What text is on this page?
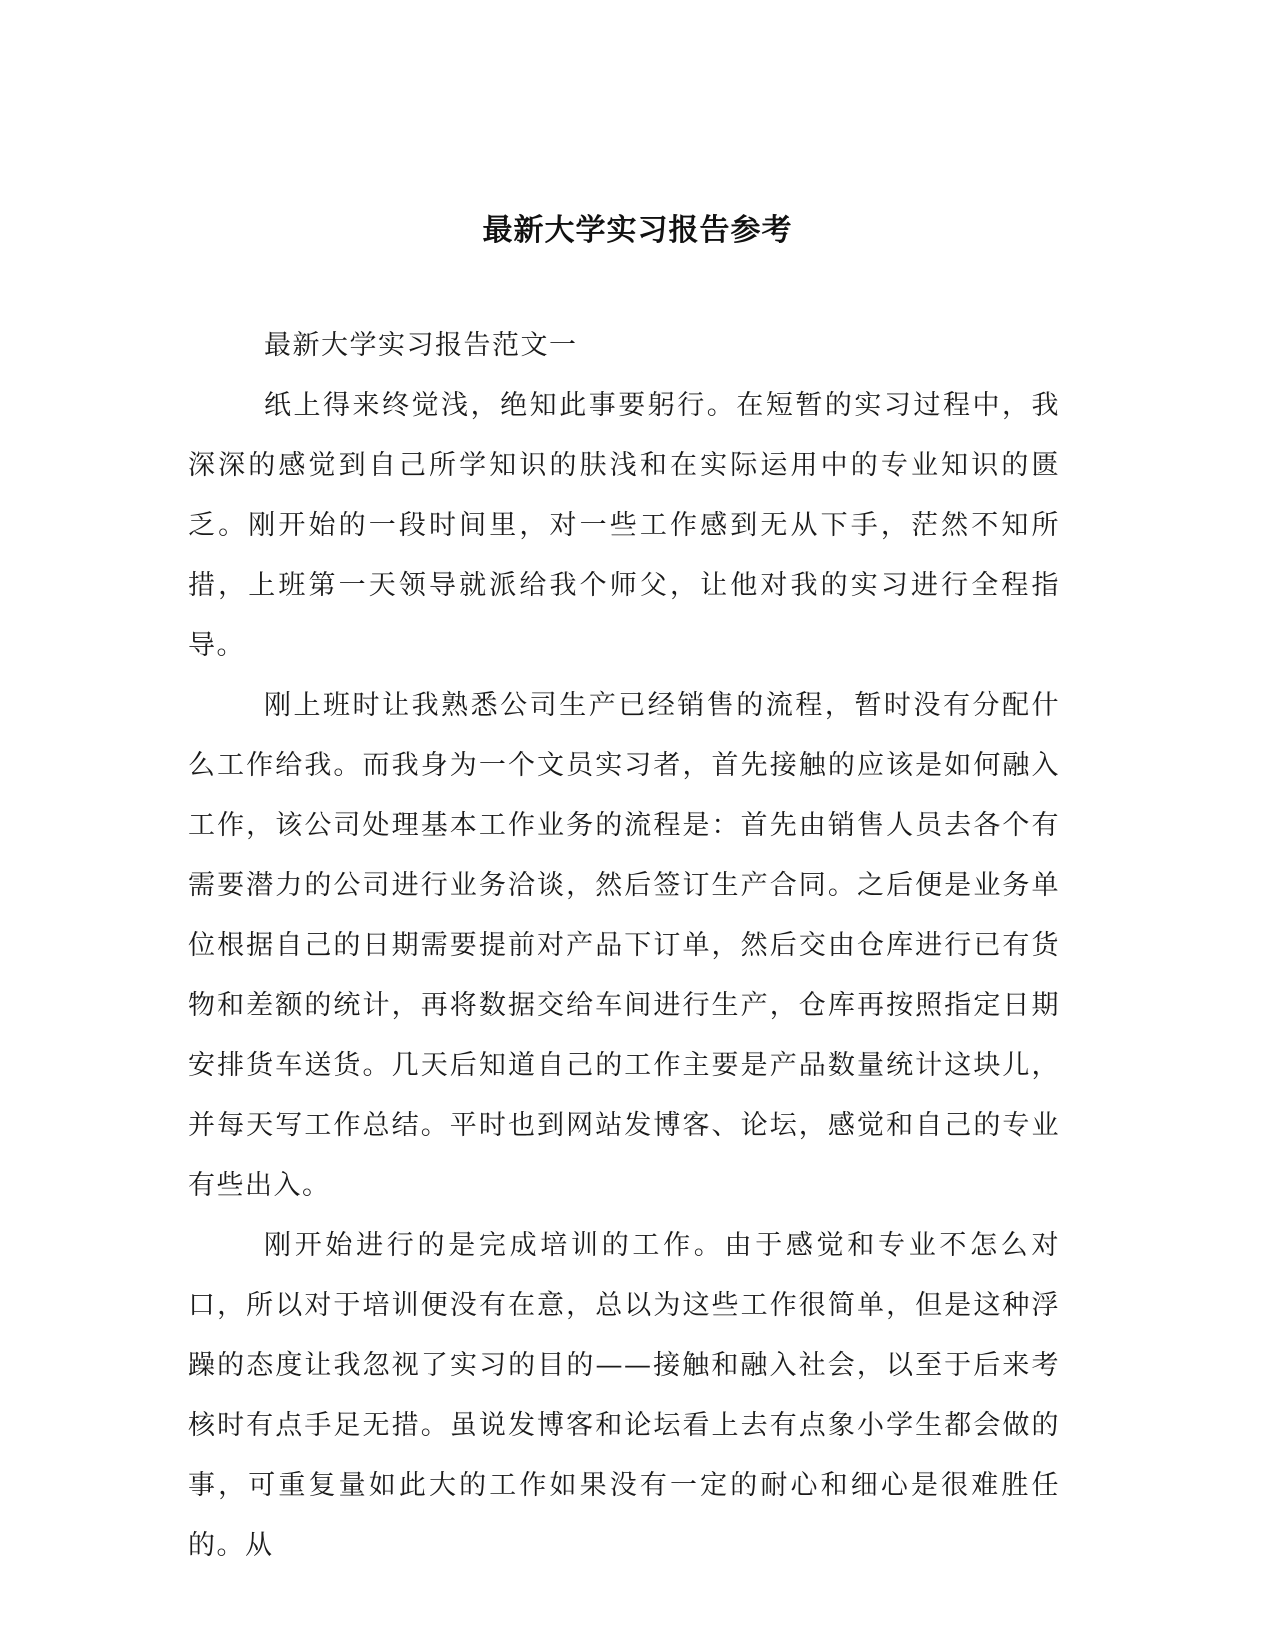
最新大学实习报告参考

最新大学实习报告范文一

纸上得来终觉浅，绝知此事要躬行。在短暂的实习过程中，我深深的感觉到自己所学知识的肤浅和在实际运用中的专业知识的匮乏。刚开始的一段时间里，对一些工作感到无从下手，茫然不知所措，上班第一天领导就派给我个师父，让他对我的实习进行全程指导。

刚上班时让我熟悉公司生产已经销售的流程，暂时没有分配什么工作给我。而我身为一个文员实习者，首先接触的应该是如何融入工作，该公司处理基本工作业务的流程是：首先由销售人员去各个有需要潜力的公司进行业务洽谈，然后签订生产合同。之后便是业务单位根据自己的日期需要提前对产品下订单，然后交由仓库进行已有货物和差额的统计，再将数据交给车间进行生产，仓库再按照指定日期安排货车送货。几天后知道自己的工作主要是产品数量统计这块儿，并每天写工作总结。平时也到网站发博客、论坛，感觉和自己的专业有些出入。

刚开始进行的是完成培训的工作。由于感觉和专业不怎么对口，所以对于培训便没有在意，总以为这些工作很简单，但是这种浮躁的态度让我忽视了实习的目的——接触和融入社会，以至于后来考核时有点手足无措。虽说发博客和论坛看上去有点象小学生都会做的事，可重复量如此大的工作如果没有一定的耐心和细心是很难胜任的。从
